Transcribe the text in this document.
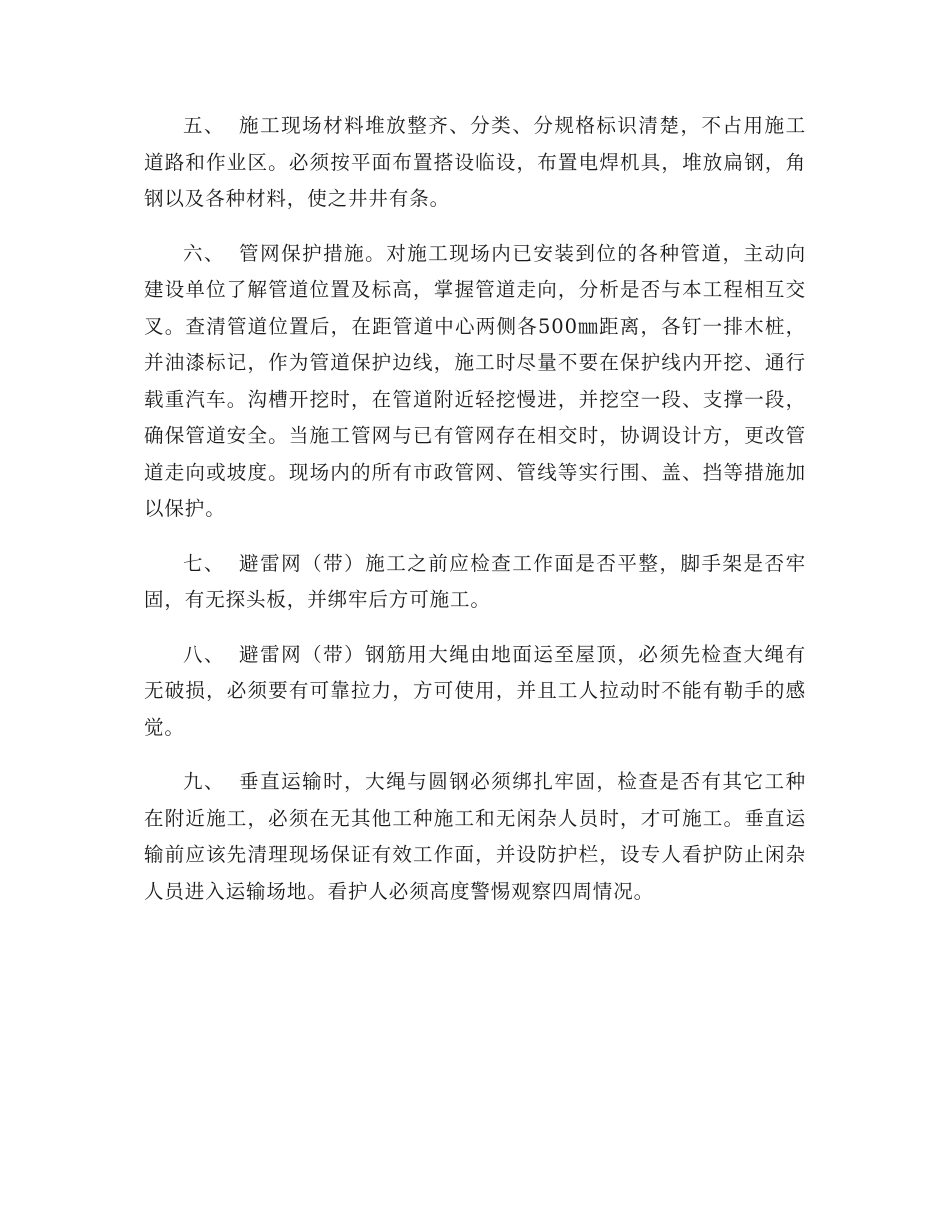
五、 施工现场材料堆放整齐、分类、分规格标识清楚，不占用施工道路和作业区。必须按平面布置搭设临设，布置电焊机具，堆放扁钢，角钢以及各种材料，使之井井有条。

六、 管网保护措施。对施工现场内已安装到位的各种管道，主动向建设单位了解管道位置及标高，掌握管道走向，分析是否与本工程相互交叉。查清管道位置后，在距管道中心两侧各500㎜距离，各钉一排木桩，并油漆标记，作为管道保护边线，施工时尽量不要在保护线内开挖、通行载重汽车。沟槽开挖时，在管道附近轻挖慢进，并挖空一段、支撑一段，确保管道安全。当施工管网与已有管网存在相交时，协调设计方，更改管道走向或坡度。现场内的所有市政管网、管线等实行围、盖、挡等措施加以保护。

七、 避雷网（带）施工之前应检查工作面是否平整，脚手架是否牢固，有无探头板，并绑牢后方可施工。

八、 避雷网（带）钢筋用大绳由地面运至屋顶，必须先检查大绳有无破损，必须要有可靠拉力，方可使用，并且工人拉动时不能有勒手的感觉。

九、 垂直运输时，大绳与圆钢必须绑扎牢固，检查是否有其它工种在附近施工，必须在无其他工种施工和无闲杂人员时，才可施工。垂直运输前应该先清理现场保证有效工作面，并设防护栏，设专人看护防止闲杂人员进入运输场地。看护人必须高度警惕观察四周情况。
